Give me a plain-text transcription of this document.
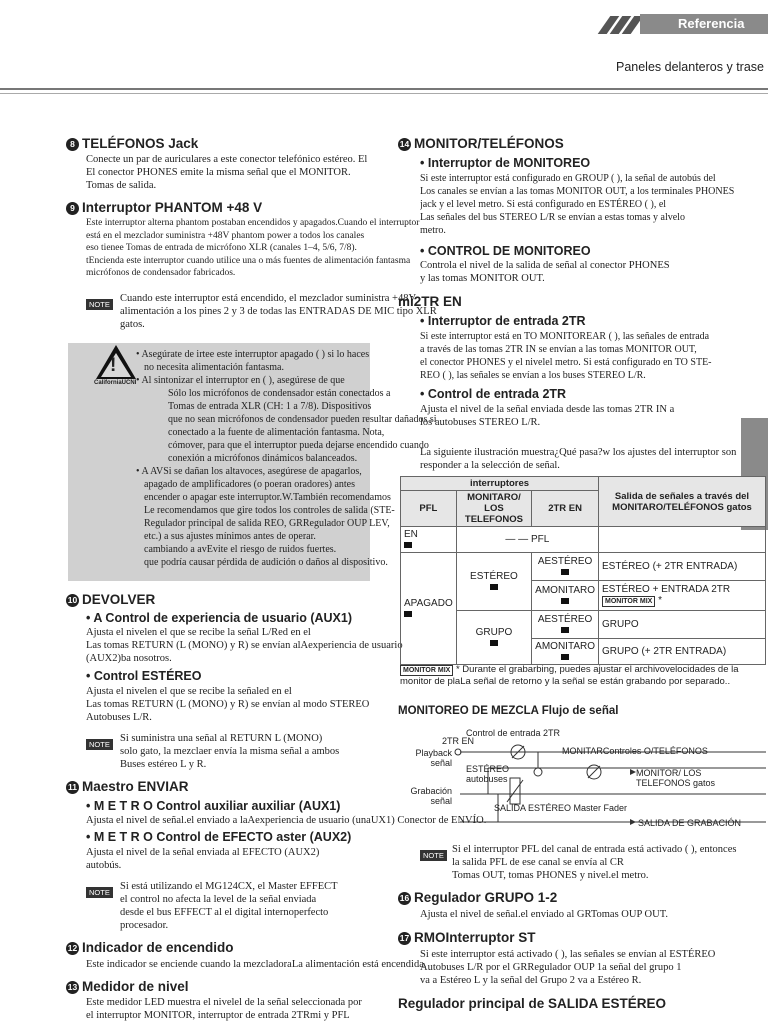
Referencia
Paneles delanteros y trase
8 TELÉFONOS Jack
Conecte un par de auriculares a este conector telefónico estéreo. El
El conector PHONES emite la misma señal que el MONITOR.
Tomas de salida.
9 Interruptor PHANTOM +48 V
Este interruptor alterna phantom postaban encendidos y apagados.Cuando el interruptor
está en el mezclador suministra +48V phantom power a todos los canales
eso tienee Tomas de entrada de micrófono XLR (canales 1–4, 5/6, 7/8).
tEncienda este interruptor cuando utilice una o más fuentes de alimentación fantasma
micrófonos de condensador fabricados.
NOTE
Cuando este interruptor está encendido, el mezclador suministra +48V
alimentación a los pines 2 y 3 de todas las ENTRADAS DE MIC tipo XLR
gatos.
!
CaliforniaUCNI
• Asegúrate de irtee este interruptor apagado ( ) si lo haces
no necesita alimentación fantasma.
• Al sintonizar el interruptor en ( ), asegúrese de que
Sólo los micrófonos de condensador están conectados a
Tomas de entrada XLR (CH: 1 a 7/8). Dispositivos
que no sean micrófonos de condensador pueden resultar dañados si
conectado a la fuente de alimentación fantasma. Nota,
cómover, para que el interruptor pueda dejarse encendido cuando
conexión a micrófonos dinámicos balanceados.
• A AVSi se dañan los altavoces, asegúrese de apagarlos,
apagado de amplificadores (o poeran oradores) antes
encender o apagar este interruptor.W.También recomendamos
Le recomendamos que gire todos los controles de salida (STE-
Regulador principal de salida REO, GRRegulador OUP LEV,
etc.) a sus ajustes mínimos antes de operar.
cambiando a avEvite el riesgo de ruidos fuertes.
que podría causar pérdida de audición o daños al dispositivo.
10 DEVOLVER
• A Control de experiencia de usuario (AUX1)
Ajusta el nivelen el que se recibe la señal L/Red en el
Las tomas RETURN (L (MONO) y R) se envían alAexperiencia de usuario
(AUX2)ba nosotros.
• Control ESTÉREO
Ajusta el nivelen el que se recibe la señaled en el
Las tomas RETURN (L (MONO) y R) se envían al modo STEREO
Autobuses L/R.
NOTE
Si suministra una señal al RETURN L (MONO)
solo gato, la mezclaer envía la misma señal a ambos
Buses estéreo L y R.
11 Maestro ENVIAR
• M E T R O Control auxiliar auxiliar (AUX1)
Ajusta el nivel de señal.el enviado a laAexperiencia de usuario (unaUX1) Conector de ENVÍO.
• M E T R O Control de EFECTO aster (AUX2)
Ajusta el nivel de la señal enviada al EFECTO (AUX2)
autobús.
NOTE
Si está utilizando el MG124CX, el Master EFFECT
el control no afecta la level de la señal enviada
desde el bus EFFECT al el digital internoperfecto
procesador.
12 Indicador de encendido
Este indicador se enciende cuando la mezcladoraLa alimentación está encendida.
13 Medidor de nivel
Este medidor LED muestra el nivelel de la señal seleccionada por
el interruptor MONITOR, interruptor de entrada 2TRmi y PFL
14 MONITOR/TELÉFONOS
• Interruptor de MONITOREO
Si este interruptor está configurado en GROUP ( ), la señal de autobús del
Los canales se envían a las tomas MONITOR OUT, a los terminales PHONES
jack y el level metro. Si está configurado en ESTÉREO ( ), el
Las señales del bus STEREO L/R se envían a estas tomas y alvelo
metro.
• CONTROL DE MONITOREO
Controla el nivel de la salida de señal al conector PHONES
y las tomas MONITOR OUT.
mi2TR EN
• Interruptor de entrada 2TR
Si este interruptor está en TO MONITOREAR ( ), las señales de entrada
a través de las tomas 2TR IN se envían a las tomas MONITOR OUT,
el conector PHONES y el nivelel metro. Si está configurado en TO STE-
REO ( ), las señales se envían a los buses STEREO L/R.
• Control de entrada 2TR
Ajusta el nivel de la señal enviada desde las tomas 2TR IN a
los autobuses STEREO L/R.
La siguiente ilustración muestra¿Qué pasa?w los ajustes del interruptor son
responder a la selección de señal.
interruptores			Salida de señales a través del MONITARO/TELÉFONOS gatos
PFL	MONITARO/ LOS TELEFONOS	2TR EN	
EN	— — PFL		
APAGADO	ESTÉREO	AESTÉREO	ESTÉREO (+ 2TR ENTRADA)
		AMONITARO	ESTÉREO + ENTRADA 2TR
MONITOR MIX *
	GRUPO	AESTÉREO	GRUPO
		AMONITARO	GRUPO (+ 2TR ENTRADA)
MONITOR MIX * Durante el grabarbing, puedes ajustar el archivovelocidades de la
monitor de plaLa señal de retorno y la señal se están grabando por separado..
MONITOREO DE MEZCLA Flujo de señal
Control de entrada 2TR
2TR EN
Playback señal
ESTÉREO autobuses
MONITARControles O/TELÉFONOS
MONITOR/ LOS TELEFONOS gatos
Grabación señal
SALIDA ESTÉREO Master Fader
SALIDA DE GRABACIÓN
NOTE
Si el interruptor PFL del canal de entrada está activado ( ), entonces
la salida PFL de ese canal se envía al CR
Tomas OUT, tomas PHONES y nivel.el metro.
16 Regulador GRUPO 1-2
Ajusta el nivel de señal.el enviado al GRTomas OUP OUT.
17 RMOInterruptor ST
Si este interruptor está activado ( ), las señales se envían al ESTÉREO
Autobuses L/R por el GRRegulador OUP 1a señal del grupo 1
va a Estéreo L y la señal del Grupo 2 va a Estéreo R.
Regulador principal de SALIDA ESTÉREO
